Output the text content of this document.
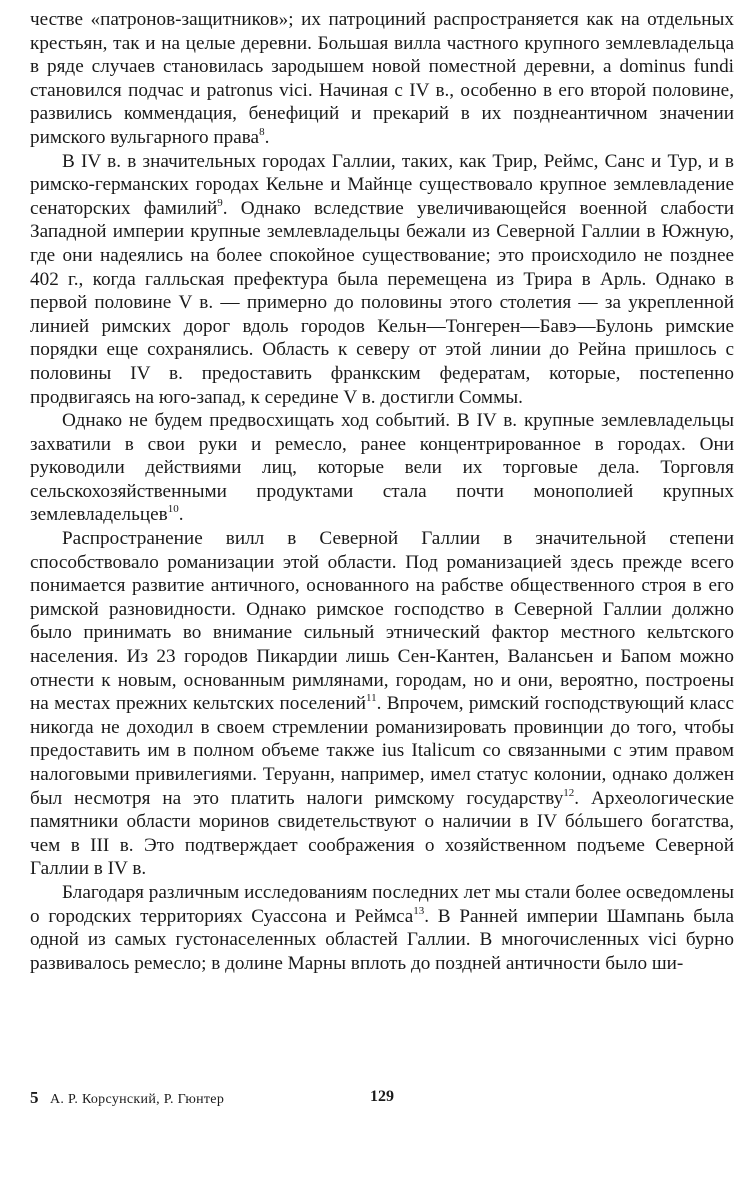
честве «патронов-защитников»; их патроциний распространяется как на отдельных крестьян, так и на целые деревни. Большая вилла частного крупного землевладельца в ряде случаев становилась зародышем новой поместной деревни, а dominus fundi становился подчас и patronus vici. Начиная с IV в., особенно в его второй половине, развились коммендация, бенефиций и прекарий в их позднеантичном значении римского вульгарного права$^8$.

В IV в. в значительных городах Галлии, таких, как Трир, Реймс, Санс и Тур, и в римско-германских городах Кельне и Майнце существовало крупное землевладение сенаторских фамилий$^9$. Однако вследствие увеличивающейся военной слабости Западной империи крупные землевладельцы бежали из Северной Галлии в Южную, где они надеялись на более спокойное существование; это происходило не позднее 402 г., когда галльская префектура была перемещена из Трира в Арль. Однако в первой половине V в. — примерно до половины этого столетия — за укрепленной линией римских дорог вдоль городов Кельн—Тонгерен—Бавэ—Булонь римские порядки еще сохранялись. Область к северу от этой линии до Рейна пришлось с половины IV в. предоставить франкским федератам, которые, постепенно продвигаясь на юго-запад, к середине V в. достигли Соммы.

Однако не будем предвосхищать ход событий. В IV в. крупные землевладельцы захватили в свои руки и ремесло, ранее концентрированное в городах. Они руководили действиями лиц, которые вели их торговые дела. Торговля сельскохозяйственными продуктами стала почти монополией крупных землевладельцев$^{10}$.

Распространение вилл в Северной Галлии в значительной степени способствовало романизации этой области. Под романизацией здесь прежде всего понимается развитие античного, основанного на рабстве общественного строя в его римской разновидности. Однако римское господство в Северной Галлии должно было принимать во внимание сильный этнический фактор местного кельтского населения. Из 23 городов Пикардии лишь Сен-Кантен, Валансьен и Бапом можно отнести к новым, основанным римлянами, городам, но и они, вероятно, построены на местах прежних кельтских поселений$^{11}$. Впрочем, римский господствующий класс никогда не доходил в своем стремлении романизировать провинции до того, чтобы предоставить им в полном объеме также ius Italicum со связанными с этим правом налоговыми привилегиями. Теруанн, например, имел статус колонии, однако должен был несмотря на это платить налоги римскому государству$^{12}$. Археологические памятники области моринов свидетельствуют о наличии в IV бóльшего богатства, чем в III в. Это подтверждает соображения о хозяйственном подъеме Северной Галлии в IV в.

Благодаря различным исследованиям последних лет мы стали более осведомлены о городских территориях Суассона и Реймса$^{13}$. В Ранней империи Шампань была одной из самых густонаселенных областей Галлии. В многочисленных vici бурно развивалось ремесло; в долине Марны вплоть до поздней античности было ши-

5 А. Р. Корсунский, Р. Гюнтер	129
